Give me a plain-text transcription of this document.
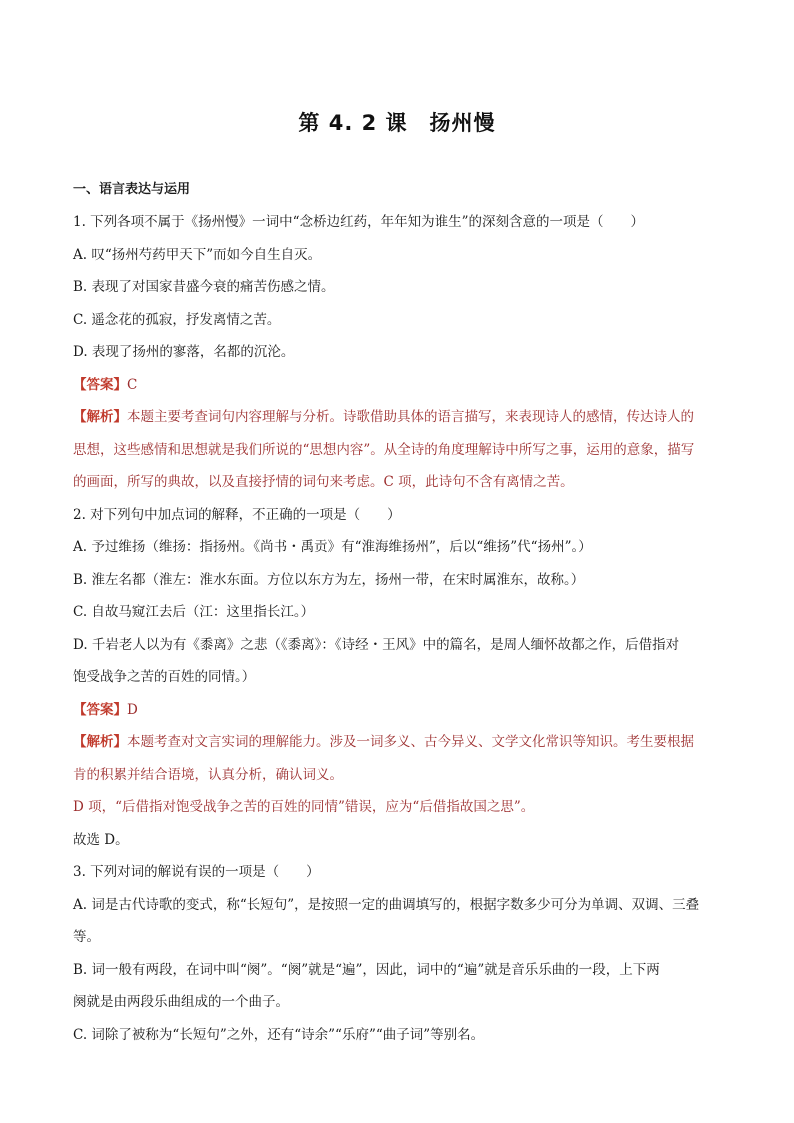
第 4. 2 课　扬州慢
一、语言表达与运用
1. 下列各项不属于《扬州慢》一词中“念桥边红药，年年知为谁生”的深刻含意的一项是（　　）
A. 叹“扬州芍药甲天下”而如今自生自灭。
B. 表现了对国家昔盛今衰的痛苦伤感之情。
C. 遥念花的孤寂，抒发离情之苦。
D. 表现了扬州的寥落，名都的沉沦。
【答案】C
【解析】本题主要考查词句内容理解与分析。诗歌借助具体的语言描写，来表现诗人的感情，传达诗人的
思想，这些感情和思想就是我们所说的“思想内容”。从全诗的角度理解诗中所写之事，运用的意象，描写
的画面，所写的典故，以及直接抒情的词句来考虑。C 项，此诗句不含有离情之苦。
2. 对下列句中加点词的解释，不正确的一项是（　　）
A. 予过维扬（维扬：指扬州。《尚书・禹贡》有“淮海维扬州”，后以“维扬”代“扬州”。）
B. 淮左名都（淮左：淮水东面。方位以东方为左，扬州一带，在宋时属淮东，故称。）
C. 自故马窥江去后（江：这里指长江。）
D. 千岩老人以为有《黍离》之悲（《黍离》：《诗经・王风》中的篇名，是周人缅怀故都之作，后借指对
饱受战争之苦的百姓的同情。）
【答案】D
【解析】本题考查对文言实词的理解能力。涉及一词多义、古今异义、文学文化常识等知识。考生要根据
肯的积累并结合语境，认真分析，确认词义。
D 项，“后借指对饱受战争之苦的百姓的同情”错误，应为“后借指故国之思”。
故选 D。
3. 下列对词的解说有误的一项是（　　）
A. 词是古代诗歌的变式，称“长短句”，是按照一定的曲调填写的，根据字数多少可分为单调、双调、三叠
等。
B. 词一般有两段，在词中叫“阕”。“阕”就是“遍”，因此，词中的“遍”就是音乐乐曲的一段，上下两
阕就是由两段乐曲组成的一个曲子。
C. 词除了被称为“长短句”之外，还有“诗余”“乐府”“曲子词”等别名。
